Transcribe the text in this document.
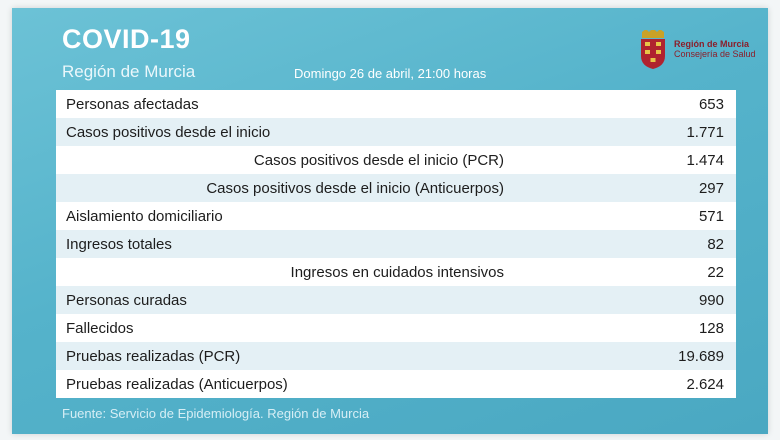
COVID-19
Región de Murcia	Domingo 26 de abril, 21:00 horas
Región de Murcia
Consejería de Salud
Personas afectadas	653
Casos positivos desde el inicio	1.771
Casos positivos desde el inicio (PCR)	1.474
Casos positivos desde el inicio (Anticuerpos)	297
Aislamiento domiciliario	571
Ingresos totales	82
Ingresos en cuidados intensivos	22
Personas curadas	990
Fallecidos	128
Pruebas realizadas (PCR)	19.689
Pruebas realizadas (Anticuerpos)	2.624
Fuente: Servicio de Epidemiología. Región de Murcia
